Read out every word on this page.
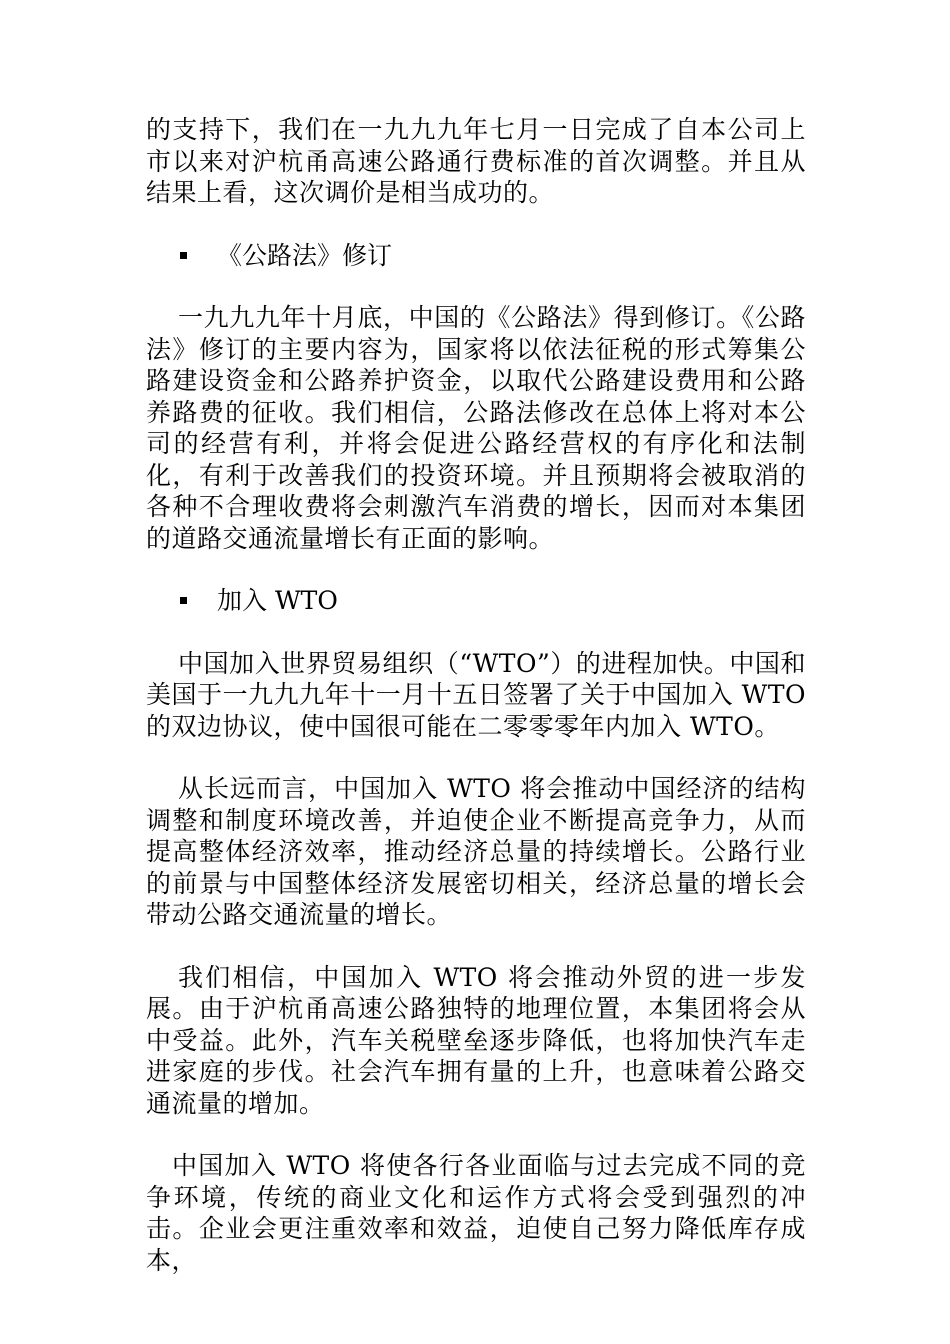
的支持下，我们在一九九九年七月一日完成了自本公司上市以来对沪杭甬高速公路通行费标准的首次调整。并且从结果上看，这次调价是相当成功的。

《公路法》修订

一九九九年十月底，中国的《公路法》得到修订。《公路法》修订的主要内容为，国家将以依法征税的形式筹集公路建设资金和公路养护资金，以取代公路建设费用和公路养路费的征收。我们相信，公路法修改在总体上将对本公司的经营有利，并将会促进公路经营权的有序化和法制化，有利于改善我们的投资环境。并且预期将会被取消的各种不合理收费将会刺激汽车消费的增长，因而对本集团的道路交通流量增长有正面的影响。

加入 WTO

中国加入世界贸易组织（“WTO”）的进程加快。中国和美国于一九九九年十一月十五日签署了关于中国加入 WTO 的双边协议，使中国很可能在二零零零年内加入 WTO。

从长远而言，中国加入 WTO 将会推动中国经济的结构调整和制度环境改善，并迫使企业不断提高竞争力，从而提高整体经济效率，推动经济总量的持续增长。公路行业的前景与中国整体经济发展密切相关，经济总量的增长会带动公路交通流量的增长。

我们相信，中国加入 WTO 将会推动外贸的进一步发展。由于沪杭甬高速公路独特的地理位置，本集团将会从中受益。此外，汽车关税壁垒逐步降低，也将加快汽车走进家庭的步伐。社会汽车拥有量的上升，也意味着公路交通流量的增加。

中国加入 WTO 将使各行各业面临与过去完成不同的竞争环境，传统的商业文化和运作方式将会受到强烈的冲击。企业会更注重效率和效益，迫使自己努力降低库存成本，
